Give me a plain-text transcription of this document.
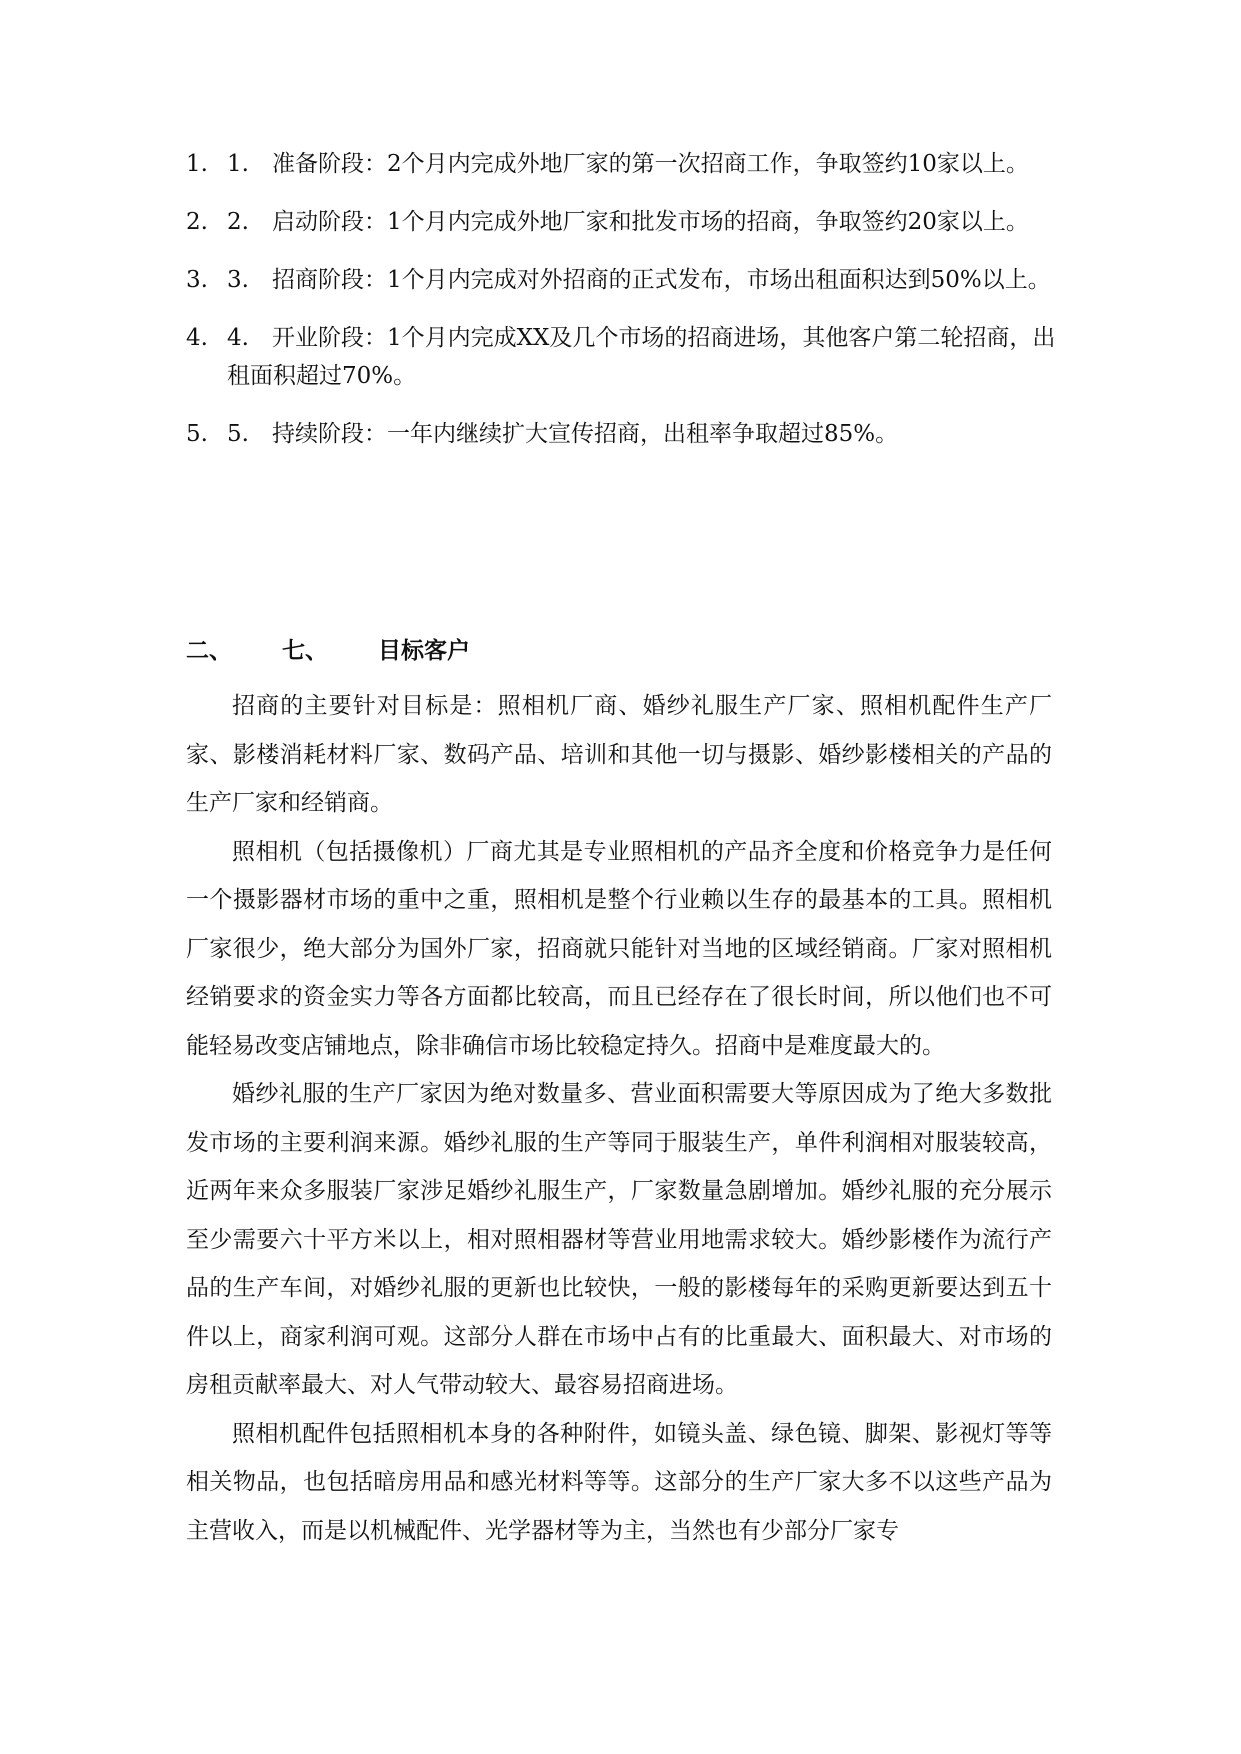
1. 1.　准备阶段：2个月内完成外地厂家的第一次招商工作，争取签约10家以上。
2. 2.　启动阶段：1个月内完成外地厂家和批发市场的招商，争取签约20家以上。
3. 3.　招商阶段：1个月内完成对外招商的正式发布，市场出租面积达到50%以上。
4. 4.　开业阶段：1个月内完成XX及几个市场的招商进场，其他客户第二轮招商，出租面积超过70%。
5. 5.　持续阶段：一年内继续扩大宣传招商，出租率争取超过85%。
二、 七、 目标客户

招商的主要针对目标是：照相机厂商、婚纱礼服生产厂家、照相机配件生产厂家、影楼消耗材料厂家、数码产品、培训和其他一切与摄影、婚纱影楼相关的产品的生产厂家和经销商。

照相机（包括摄像机）厂商尤其是专业照相机的产品齐全度和价格竞争力是任何一个摄影器材市场的重中之重，照相机是整个行业赖以生存的最基本的工具。照相机厂家很少，绝大部分为国外厂家，招商就只能针对当地的区域经销商。厂家对照相机经销要求的资金实力等各方面都比较高，而且已经存在了很长时间，所以他们也不可能轻易改变店铺地点，除非确信市场比较稳定持久。招商中是难度最大的。

婚纱礼服的生产厂家因为绝对数量多、营业面积需要大等原因成为了绝大多数批发市场的主要利润来源。婚纱礼服的生产等同于服装生产，单件利润相对服装较高，近两年来众多服装厂家涉足婚纱礼服生产，厂家数量急剧增加。婚纱礼服的充分展示至少需要六十平方米以上，相对照相器材等营业用地需求较大。婚纱影楼作为流行产品的生产车间，对婚纱礼服的更新也比较快，一般的影楼每年的采购更新要达到五十件以上，商家利润可观。这部分人群在市场中占有的比重最大、面积最大、对市场的房租贡献率最大、对人气带动较大、最容易招商进场。

照相机配件包括照相机本身的各种附件，如镜头盖、绿色镜、脚架、影视灯等等相关物品，也包括暗房用品和感光材料等等。这部分的生产厂家大多不以这些产品为主营收入，而是以机械配件、光学器材等为主，当然也有少部分厂家专
